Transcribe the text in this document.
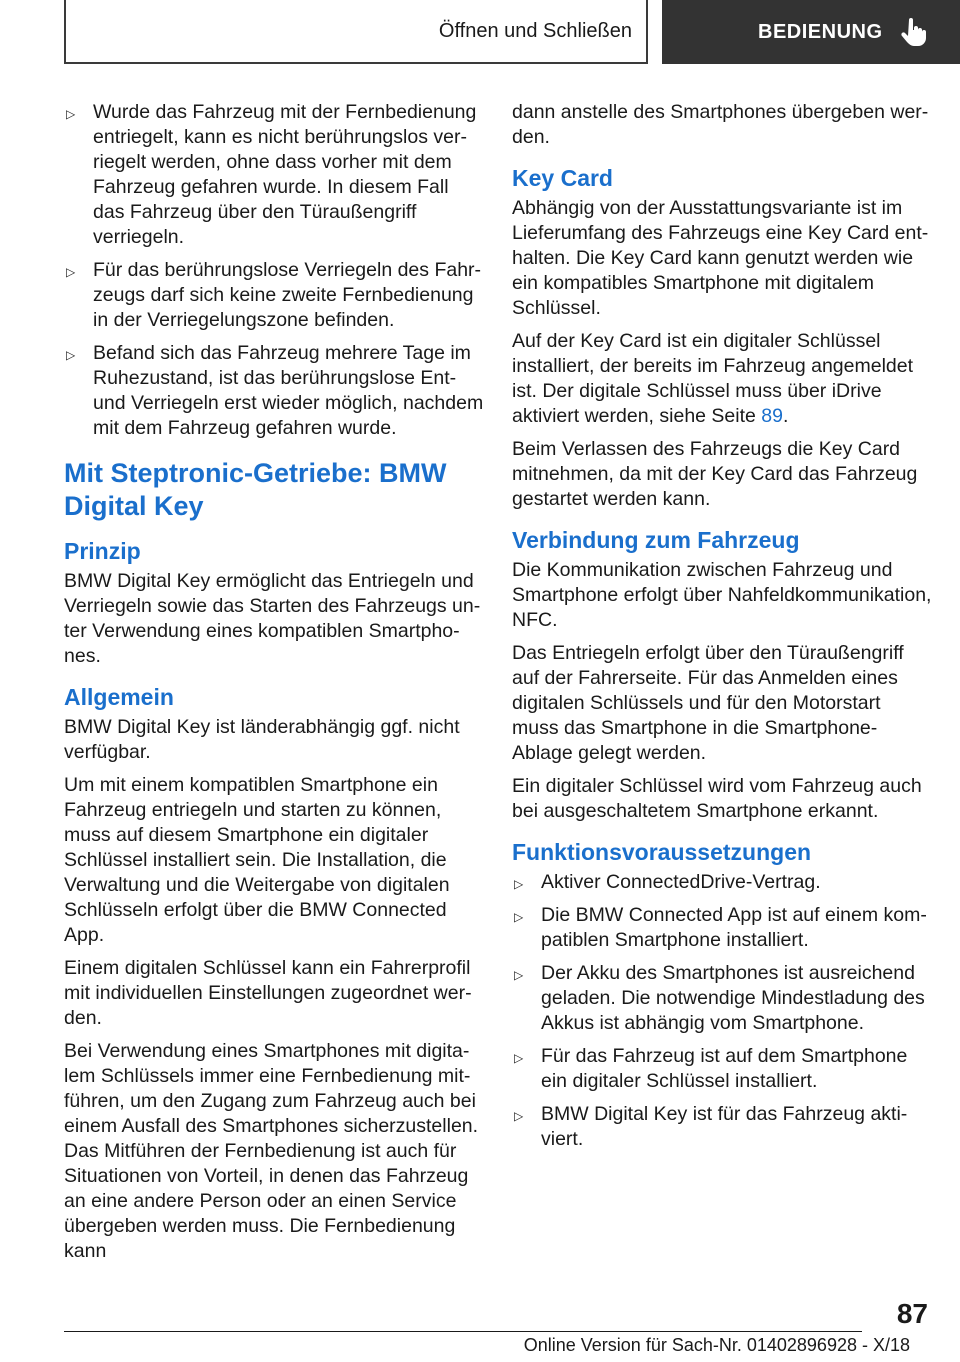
Öffnen und Schließen	BEDIENUNG
▷ Wurde das Fahrzeug mit der Fernbedienung entriegelt, kann es nicht berührungslos verriegelt werden, ohne dass vorher mit dem Fahrzeug gefahren wurde. In diesem Fall das Fahrzeug über den Türaußengriff verriegeln.
▷ Für das berührungslose Verriegeln des Fahrzeugs darf sich keine zweite Fernbedienung in der Verriegelungszone befinden.
▷ Befand sich das Fahrzeug mehrere Tage im Ruhezustand, ist das berührungslose Ent- und Verriegeln erst wieder möglich, nachdem mit dem Fahrzeug gefahren wurde.
Mit Steptronic-Getriebe: BMW Digital Key
Prinzip

BMW Digital Key ermöglicht das Entriegeln und Verriegeln sowie das Starten des Fahrzeugs unter Verwendung eines kompatiblen Smartphones.

Allgemein

BMW Digital Key ist länderabhängig ggf. nicht verfügbar.

Um mit einem kompatiblen Smartphone ein Fahrzeug entriegeln und starten zu können, muss auf diesem Smartphone ein digitaler Schlüssel installiert sein. Die Installation, die Verwaltung und die Weitergabe von digitalen Schlüsseln erfolgt über die BMW Connected App.

Einem digitalen Schlüssel kann ein Fahrerprofil mit individuellen Einstellungen zugeordnet werden.

Bei Verwendung eines Smartphones mit digitalem Schlüssels immer eine Fernbedienung mitführen, um den Zugang zum Fahrzeug auch bei einem Ausfall des Smartphones sicherzustellen. Das Mitführen der Fernbedienung ist auch für Situationen von Vorteil, in denen das Fahrzeug an eine andere Person oder an einen Service übergeben werden muss. Die Fernbedienung kann

dann anstelle des Smartphones übergeben werden.

Key Card

Abhängig von der Ausstattungsvariante ist im Lieferumfang des Fahrzeugs eine Key Card enthalten. Die Key Card kann genutzt werden wie ein kompatibles Smartphone mit digitalem Schlüssel.

Auf der Key Card ist ein digitaler Schlüssel installiert, der bereits im Fahrzeug angemeldet ist. Der digitale Schlüssel muss über iDrive aktiviert werden, siehe Seite 89.

Beim Verlassen des Fahrzeugs die Key Card mitnehmen, da mit der Key Card das Fahrzeug gestartet werden kann.

Verbindung zum Fahrzeug

Die Kommunikation zwischen Fahrzeug und Smartphone erfolgt über Nahfeldkommunikation, NFC.

Das Entriegeln erfolgt über den Türaußengriff auf der Fahrerseite. Für das Anmelden eines digitalen Schlüssels und für den Motorstart muss das Smartphone in die Smartphone-Ablage gelegt werden.

Ein digitaler Schlüssel wird vom Fahrzeug auch bei ausgeschaltetem Smartphone erkannt.

Funktionsvoraussetzungen
▷ Aktiver ConnectedDrive-Vertrag.
▷ Die BMW Connected App ist auf einem kompatiblen Smartphone installiert.
▷ Der Akku des Smartphones ist ausreichend geladen. Die notwendige Mindestladung des Akkus ist abhängig vom Smartphone.
▷ Für das Fahrzeug ist auf dem Smartphone ein digitaler Schlüssel installiert.
▷ BMW Digital Key ist für das Fahrzeug aktiviert.
87
Online Version für Sach-Nr. 01402896928 - X/18
